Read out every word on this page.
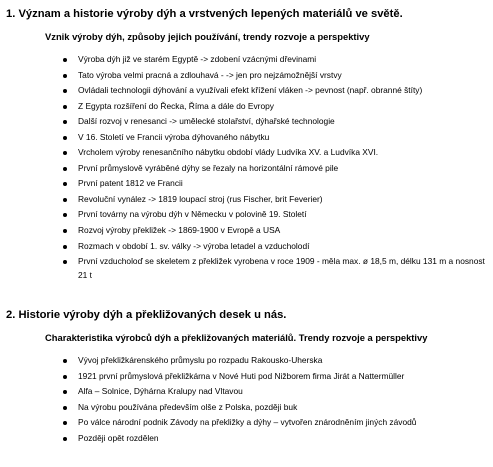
1. Význam a historie výroby dýh a vrstvených lepených materiálů ve světě.
Vznik výroby dýh, způsoby jejich používání, trendy rozvoje a perspektivy
Výroba dýh již ve starém Egyptě -> zdobení vzácnými dřevinami
Tato výroba velmi pracná a zdlouhavá - -> jen pro nejzámožnější vrstvy
Ovládali technologii dýhování a využívali efekt křížení vláken -> pevnost (např. obranné štíty)
Z Egypta rozšíření do Řecka, Říma a dále do Evropy
Další rozvoj v renesanci -> umělecké stolařství, dýhařské technologie
V 16. Století ve Francii výroba dýhovaného nábytku
Vrcholem výroby renesančního nábytku období vlády Ludvíka XV. a Ludvíka XVI.
První průmyslově vyráběné dýhy se řezaly na horizontální rámové pile
První patent 1812 ve Francii
Revoluční vynález -> 1819 loupací stroj (rus Fischer, brit Feverier)
První továrny na výrobu dýh v Německu v polovině 19. Století
Rozvoj výroby překližek -> 1869-1900 v Evropě a USA
Rozmach v období 1. sv. války -> výroba letadel a vzducholodí
První vzducholoď se skeletem z překližek vyrobena v roce 1909 - měla max. ø 18,5 m, délku 131 m a nosnost 21 t
2. Historie výroby dýh a překližovaných desek u nás.
Charakteristika výrobců dýh a překližovaných materiálů. Trendy rozvoje a perspektivy
Vývoj překližkárenského průmyslu po rozpadu Rakousko-Uherska
1921 první průmyslová překližkárna v Nové Huti pod Nižborem firma Jirát a Nattermüller
Alfa – Solnice, Dýhárna Kralupy nad Vltavou
Na výrobu používána především olše z Polska, později buk
Po válce národní podnik Závody na překližky a dýhy – vytvořen znárodněním jiných závodů
Později opět rozdělen
